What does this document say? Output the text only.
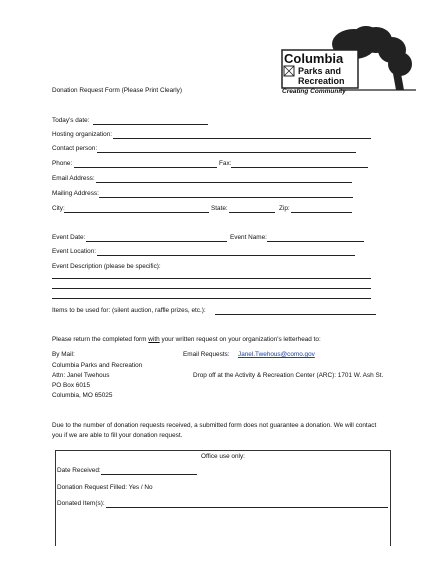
Columbia
Parks and
Recreation
Creating Community
Donation Request Form (Please Print Clearly)
Today's date:
Hosting organization:
Contact person:
Phone:	Fax:
Email Address:
Mailing Address:
City:	State:	Zip:
Event Date:	Event Name:
Event Location:
Event Description (please be specific):
Items to be used for: (silent auction, raffle prizes, etc.):
Please return the completed form with your written request on your organization's letterhead to:
By Mail:
Columbia Parks and Recreation
Attn: Janel Twehous
PO Box 6015
Columbia, MO 65025
Email Requests: Janel.Twehous@como.gov
Drop off at the Activity & Recreation Center (ARC): 1701 W. Ash St.
Due to the number of donation requests received, a submitted form does not guarantee a donation. We will contact
you if we are able to fill your donation request.
Office use only:
Date Received:
Donation Request Filled: Yes / No
Donated Item(s):
